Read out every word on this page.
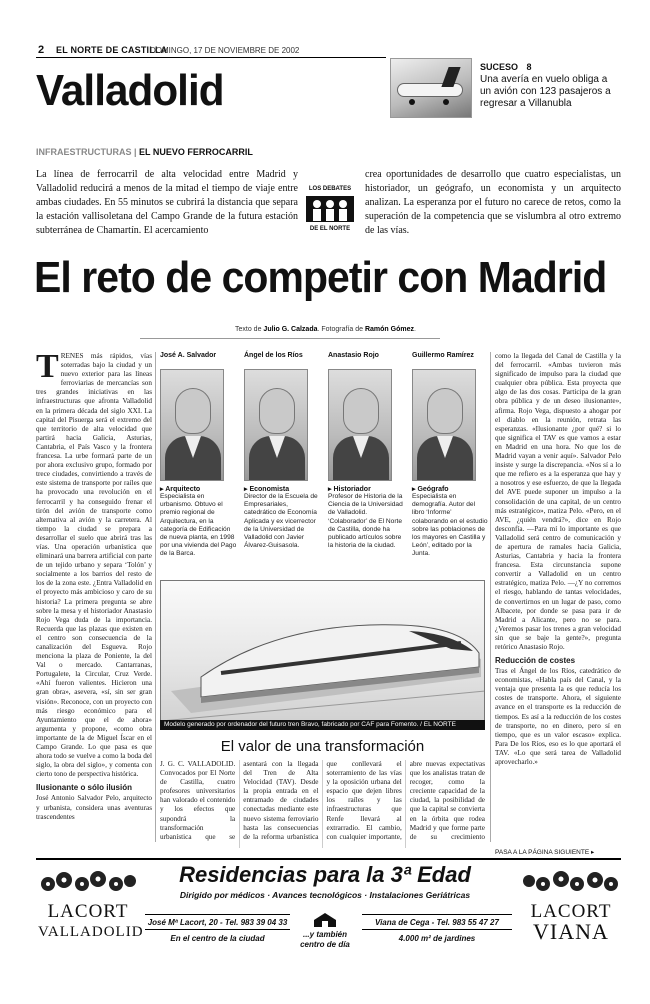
2 EL NORTE DE CASTILLA
DOMINGO, 17 DE NOVIEMBRE DE 2002
Valladolid	SUCESO 8
Una avería en vuelo obliga a un avión con 123 pasajeros a regresar a Villanubla
INFRAESTRUCTURAS | EL NUEVO FERROCARRIL
La línea de ferrocarril de alta velocidad entre Madrid y Valladolid reducirá a menos de la mitad el tiempo de viaje entre ambas ciudades. En 55 minutos se cubrirá la distancia que separa la estación vallisoletana del Campo Grande de la futura estación subterránea de Chamartín. El acercamiento
LOS DEBATES
DE EL NORTE
crea oportunidades de desarrollo que cuatro especialistas, un historiador, un geógrafo, un economista y un arquitecto analizan. La esperanza por el futuro no carece de retos, como la superación de la competencia que se vislumbra al otro extremo de las vías.
El reto de competir con Madrid
Texto de Julio G. Calzada. Fotografía de Ramón Gómez.
TRENES más rápidos, vías soterradas bajo la ciudad y un nuevo exterior para las líneas ferroviarias de mercancías son tres grandes iniciativas en las infraestructuras que afronta Valladolid en la primera década del siglo XXI. La capital del Pisuerga será el extremo del que territorio de alta velocidad que partirá hacia Galicia, Asturias, Cantabria, el País Vasco y la frontera francesa. La urbe formará parte de un por ahora exclusivo grupo, formado por trece ciudades, convirtiendo a través de este sistema de transporte por raíles que ha provocado una revolución en el ferrocarril y ha conseguido frenar el tirón del avión de transporte como alternativa al avión y la carretera. Al tiempo la ciudad se prepara a desarrollar el suelo que abrirá tras las vías. Una operación urbanística que eliminará una barrera artificial con parte de un tejido urbano y separa ‘Tolón’ y socialmente a los barrios del resto de los de la zona este. ¿Entra Valladolid en el proyecto más ambicioso y caro de su historia? La primera pregunta se abre sobre la mesa y el historiador Anastasio Rojo Vega duda de la importancia. Recuerda que las plazas que existen en el centro son consecuencia de la canalización del Esgueva. Rojo menciona la plaza de Poniente, la del Val o mercado. Cantarranas, Portugalete, la Circular, Cruz Verde. «Ahí fueron valientes. Hicieron una gran obra», asevera, «sí, sin ser gran visión». Reconoce, con un proyecto con más riesgo económico para el Ayuntamiento que el de ahora» argumenta y propone, «como obra importante de la de Miguel Íscar en el Campo Grande. Lo que pasa es que ahora todo se vuelve a como la boda del siglo, la obra del siglo», y comenta con cierto tono de perspectiva histórica.
Ilusionante o sólo ilusión
José Antonio Salvador Pelo, arquitecto y urbanista, considera unas aventuras trascendentes
José A. Salvador
▸ Arquitecto
Especialista en urbanismo. Obtuvo el premio regional de Arquitectura, en la categoría de Edificación de nueva planta, en 1998 por una vivienda del Pago de la Barca.
Ángel de los Ríos
▸ Economista
Director de la Escuela de Empresariales, catedrático de Economía Aplicada y ex vicerrector de la Universidad de Valladolid con Javier Álvarez-Guisasola.
Anastasio Rojo
▸ Historiador
Profesor de Historia de la Ciencia de la Universidad de Valladolid. ‘Colaborador’ de El Norte de Castilla, donde ha publicado artículos sobre la historia de la ciudad.
Guillermo Ramírez
▸ Geógrafo
Especialista en demografía. Autor del libro ‘Informe’ colaborando en el estudio sobre las poblaciones de los mayores en Castilla y León’, editado por la Junta.
Modelo generado por ordenador del futuro tren Bravo, fabricado por CAF para Fomento. / EL NORTE
El valor de una transformación
J. G. C. VALLADOLID. Convocados por El Norte de Castilla, cuatro profesores universitarios han valorado el contenido y los efectos que supondrá la transformación urbanística que se asentará con la llegada del Tren de Alta Velocidad (TAV). Desde la propia entrada en el entramado de ciudades conectadas mediante este nuevo sistema ferroviario hasta las consecuencias de la reforma urbanística que conllevará el soterramiento de las vías y la oposición urbana del espacio que dejen libres los raíles y las infraestructuras que Renfe llevará al extrarradio. El cambio, con cualquier importante, abre nuevas expectativas que los analistas tratan de recoger, como la creciente capacidad de la ciudad, la posibilidad de que la capital se convierta en la órbita que rodea Madrid y que forme parte de su crecimiento
como la llegada del Canal de Castilla y la del ferrocarril. «Ambas tuvieron más significado de impulso para la ciudad que cualquier obra pública. Esta proyecta que algo de las dos cosas. Participa de la gran obra pública y de un deseo ilusionante», afirma. Rojo Vega, dispuesto a ahogar por el diablo en la reunión, retrata las esperanzas. «Ilusionante ¿por qué? si lo que significa el TAV es que vamos a estar en Madrid en una hora. No que los de Madrid vayan a venir aquí». Salvador Pelo insiste y surge la discrepancia. «Nos sí a lo que me refiero es a la esperanza que hay y a nosotros y ese esfuerzo, de que la llegada del AVE puede suponer un impulso a la consolidación de una capital, de un centro más estratégico», matiza Pelo. «Pero, en el AVE, ¿quién vendrá?», dice en Rojo desconfía. —Para mí lo importante es que Valladolid será centro de comunicación y de apertura de ramales hacia Galicia, Asturias, Cantabria y hacia la frontera francesa. Esta circunstancia supone convertir a Valladolid en un centro estratégico, matiza Pelo. —¿Y no corremos el riesgo, hablando de tantas velocidades, de convertirnos en un lugar de paso, como Albacete, por donde se pasa para ir de Madrid a Alicante, pero no se para. ¿Veremos pasar los trenes a gran velocidad sin que se baje la gente?», pregunta retórico Anastasio Rojo.
Reducción de costes
Tras el Ángel de los Ríos, catedrático de economistas, «Habla país del Canal, y la ventaja que presenta la es que reducía los costes de transporte. Ahora, el siguiente avance en el transporte es la reducción de tiempos. Es así a la reducción de los costes de transporte, no en dinero, pero sí en tiempo, que es un valor escaso» explica. Para De los Ríos, eso es lo que aportará el TAV. «Lo que será tarea de Valladolid aprovecharlo.»
PASA A LA PÁGINA SIGUIENTE ▸
Residencias para la 3ª Edad
Dirigido por médicos · Avances tecnológicos · Instalaciones Geriátricas
LACORT
VALLADOLID
LACORT
VIANA
José Mª Lacort, 20 - Tel. 983 39 04 33
En el centro de la ciudad	...y también centro de día
Viana de Cega - Tel. 983 55 47 27
4.000 m² de jardines
